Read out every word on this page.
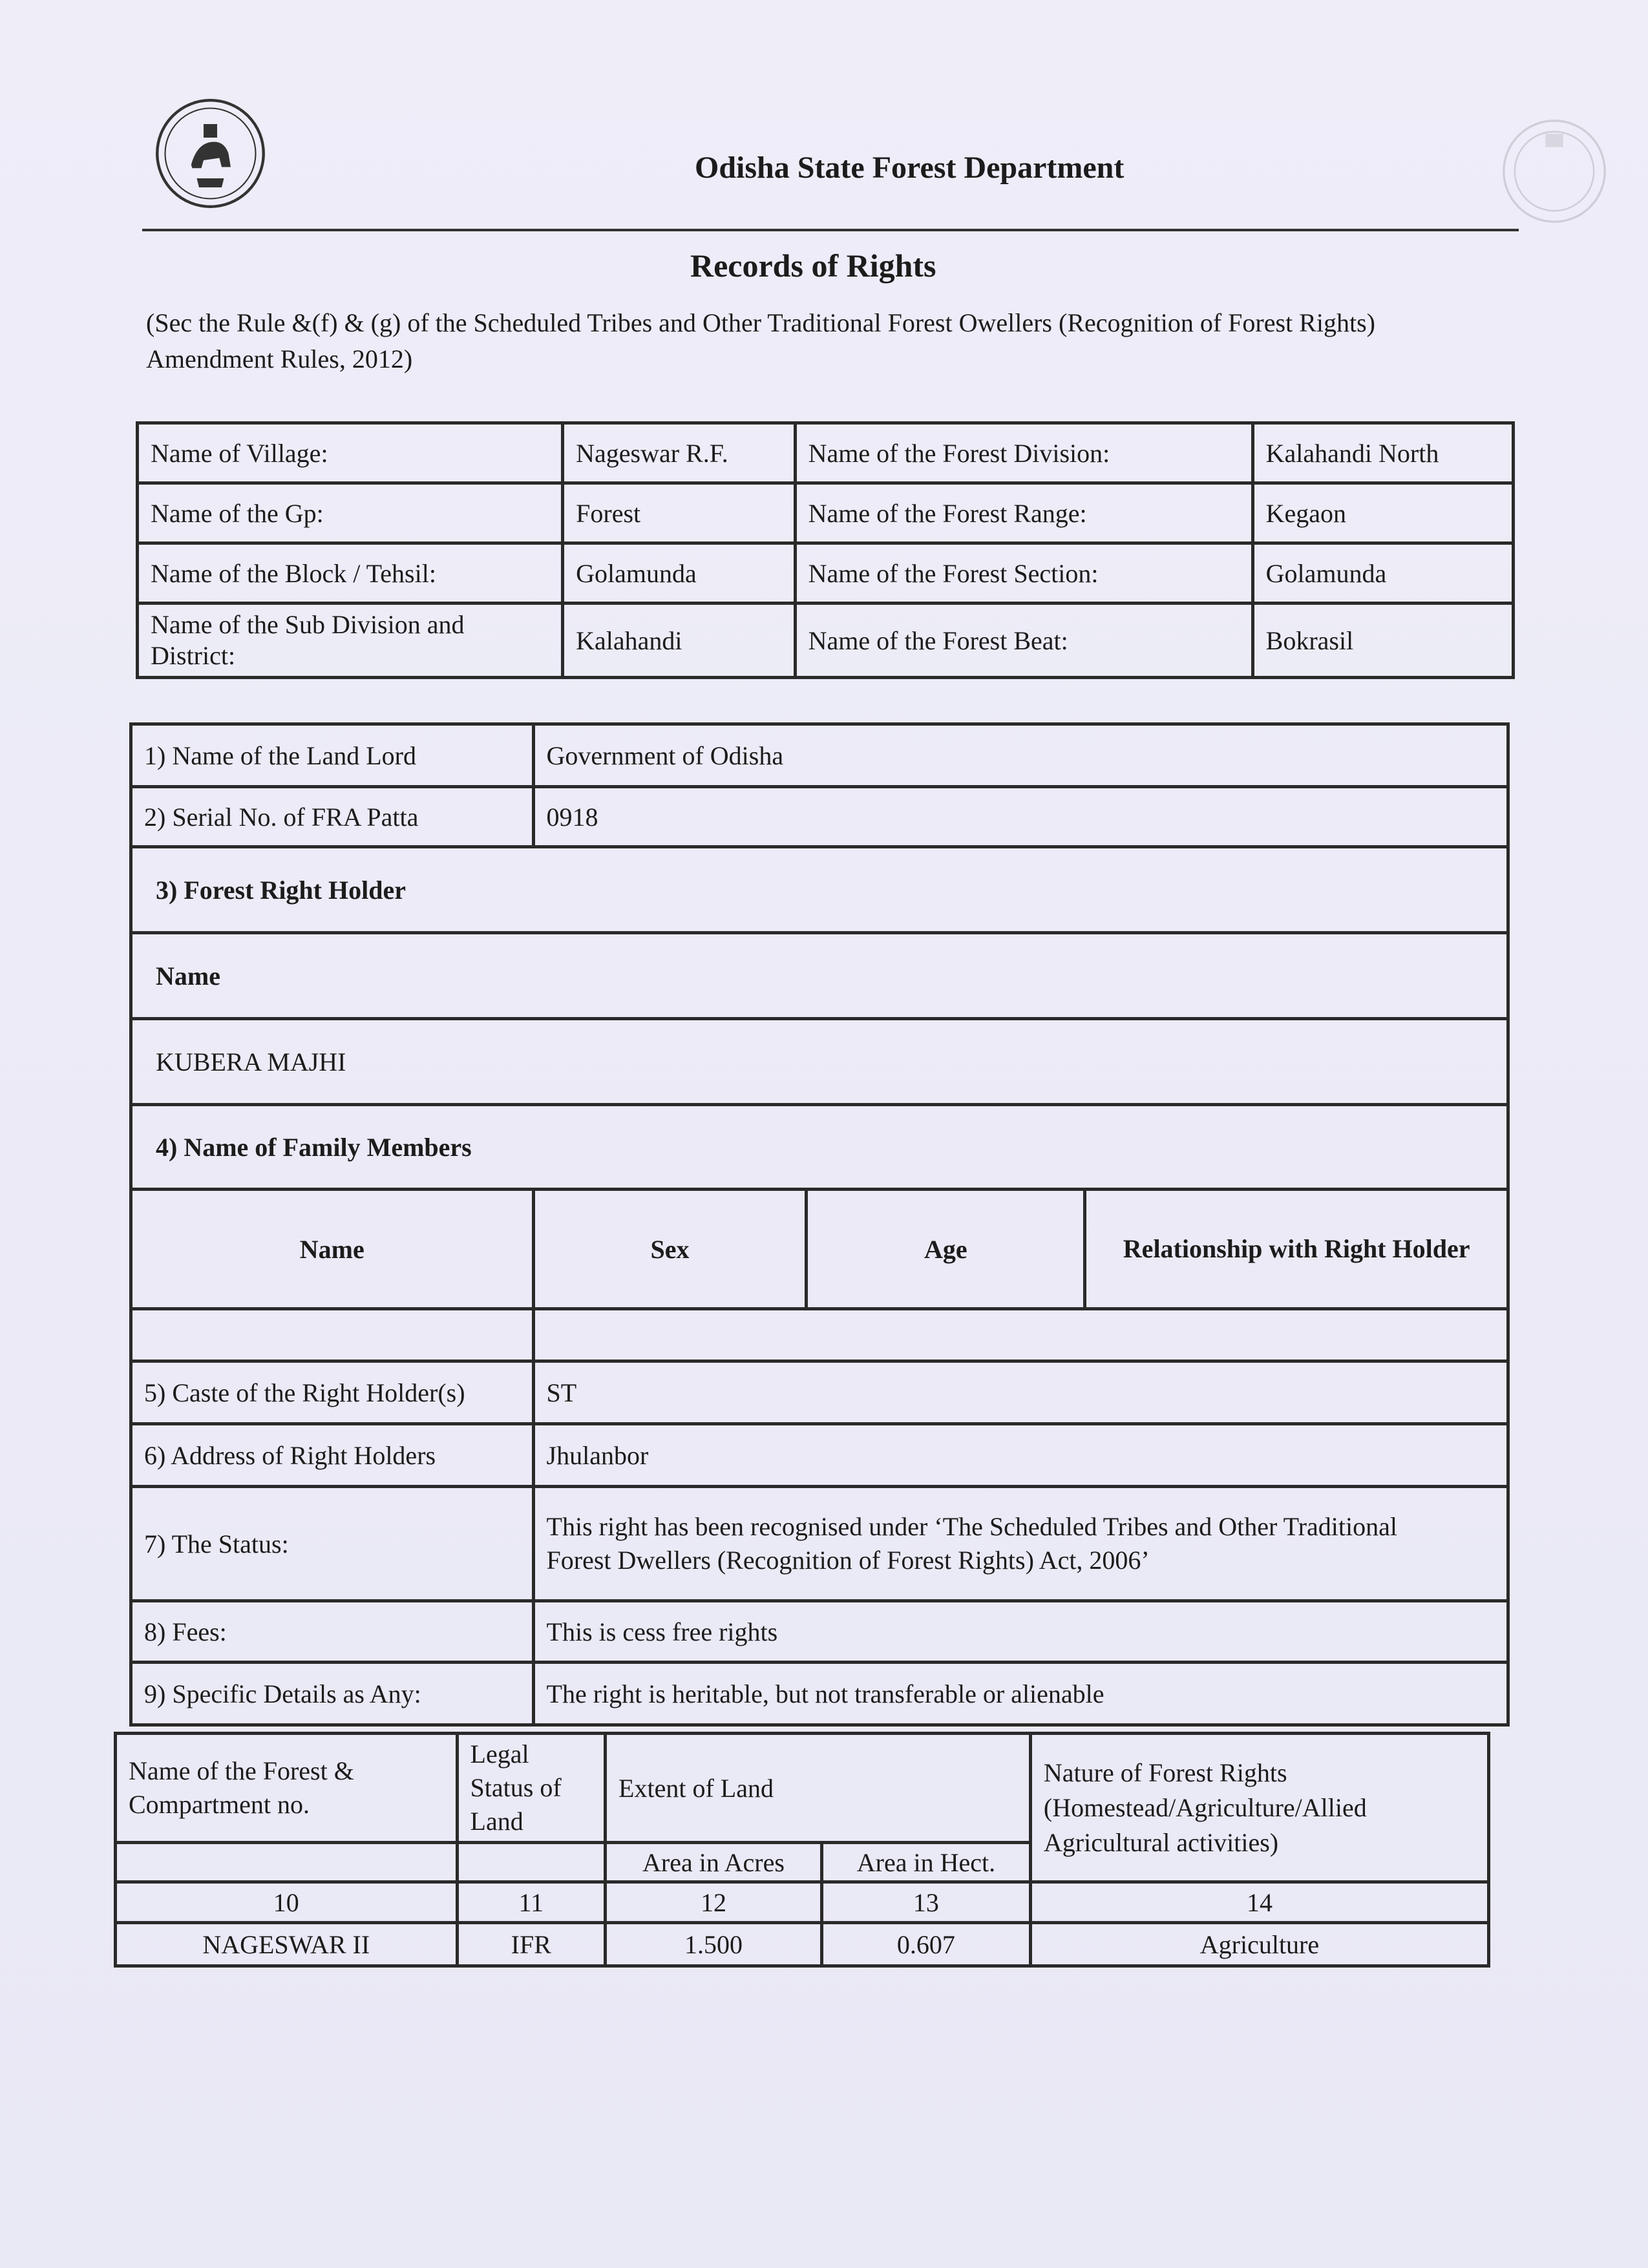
Odisha State Forest Department
Records of Rights
(Sec the Rule &(f) & (g) of the Scheduled Tribes and Other Traditional Forest Owellers (Recognition of Forest Rights) Amendment Rules, 2012)
Name of Village:	Nageswar R.F.	Name of the Forest Division:	Kalahandi North
Name of the Gp:	Forest	Name of the Forest Range:	Kegaon
Name of the Block / Tehsil:	Golamunda	Name of the Forest Section:	Golamunda
Name of the Sub Division and District:	Kalahandi	Name of the Forest Beat:	Bokrasil
1) Name of the Land Lord	Government of Odisha		
2) Serial No. of FRA Patta	0918		
3) Forest Right Holder			
Name			
KUBERA MAJHI			
4) Name of Family Members			
Name	Sex	Age	Relationship with Right Holder

5) Caste of the Right Holder(s)	ST		
6) Address of Right Holders	Jhulanbor		
7) The Status:	This right has been recognised under ‘The Scheduled Tribes and Other Traditional
Forest Dwellers (Recognition of Forest Rights) Act, 2006’		

8) Fees:	This is cess free rights		
9) Specific Details as Any:	The right is heritable, but not transferable or alienable		
Name of the Forest & Compartment no.	Legal Status of Land	Extent of Land		Nature of Forest Rights (Homestead/Agriculture/Allied Agricultural activities)
		Area in Acres	Area in Hect.	
10	11	12	13	14
NAGESWAR II	IFR	1.500	0.607	Agriculture
